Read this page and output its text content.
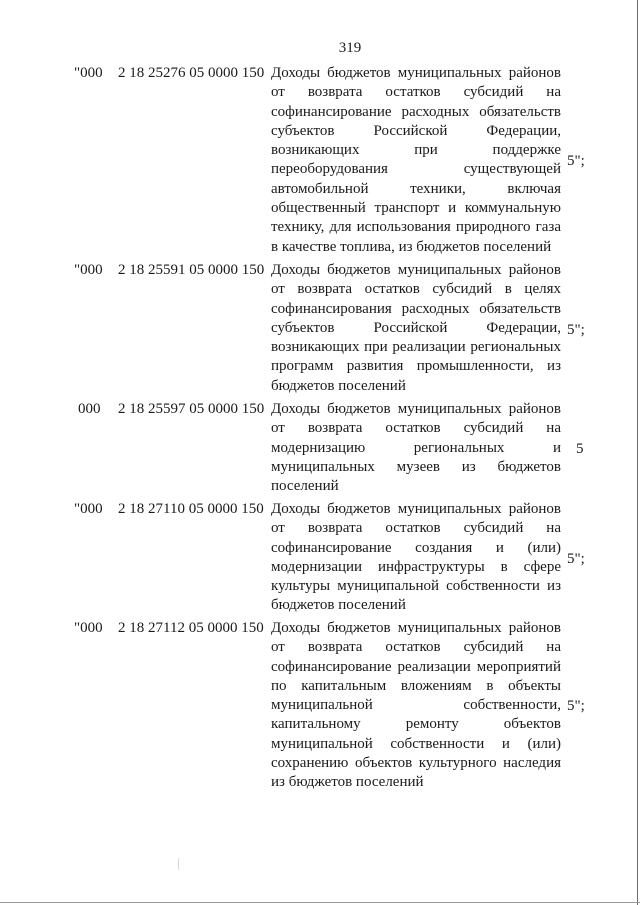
319
"000 2 18 25276 05 0000 150 Доходы бюджетов муниципальных районов от возврата остатков субсидий на софинансирование расходных обязательств субъектов Российской Федерации, возникающих при поддержке переоборудования существующей автомобильной техники, включая общественный транспорт и коммунальную технику, для использования природного газа в качестве топлива, из бюджетов поселений
5";
"000 2 18 25591 05 0000 150 Доходы бюджетов муниципальных районов от возврата остатков субсидий в целях софинансирования расходных обязательств субъектов Российской Федерации, возникающих при реализации региональных программ развития промышленности, из бюджетов поселений
5";
000 2 18 25597 05 0000 150 Доходы бюджетов муниципальных районов от возврата остатков субсидий на модернизацию региональных и муниципальных музеев из бюджетов поселений
5
"000 2 18 27110 05 0000 150 Доходы бюджетов муниципальных районов от возврата остатков субсидий на софинансирование создания и (или) модернизации инфраструктуры в сфере культуры муниципальной собственности из бюджетов поселений
5";
"000 2 18 27112 05 0000 150 Доходы бюджетов муниципальных районов от возврата остатков субсидий на софинансирование реализации мероприятий по капитальным вложениям в объекты муниципальной собственности, капитальному ремонту объектов муниципальной собственности и (или) сохранению объектов культурного наследия из бюджетов поселений
5";
